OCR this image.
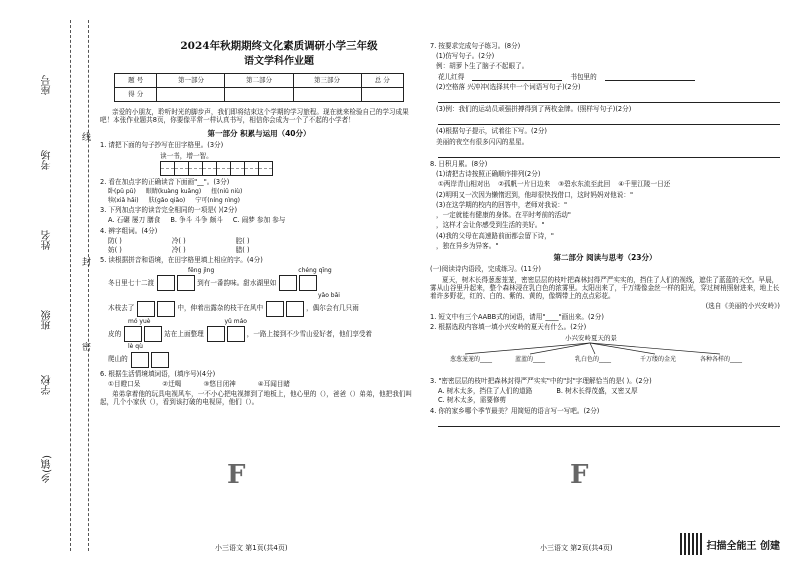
座号
考场
姓名
班级
学校
乡(镇)
线
封
密
2024年秋期期终文化素质调研小学三年级
语文学科作业题
题 号	第一部分	第二部分	第三部分	总 分
得 分				
亲爱的小朋友，聆听时光的脚步声，我们即将结束这个学期的学习旅程。现在就来检验自己的学习成果吧！本张作业题共8页，你要像平常一样认真书写，相信你会成为一个了不起的小学者！
第一部分 积累与运用（40分）
1. 请把下面的句子抄写在田字格里。(3分)
读一书，增一智。
2. 看在加点字的正确读音下面画"__"。(3分)
卧(pū pū) 眼睛(kuàng kuāng) 扭(niǔ niù)
犊(xiǎ hǎi) 肤(gǎo qiǎo) 宁可(níng nìng)
3. 下列加点字的读音完全相同的一项是( )(2分)
A. 石碾 屡刀 膳食 B. 争斗 斗争 颇斗 C. 闹梦 参加 参与
4. 辨字组词。(4分)
防( )	冷( )	腔( )
妨( )	冷( )	腊( )
5. 读根据拼音和语境，在田字格里填上相应的字。(4分)
fēng jìng	chéng qīng
冬日里七十二渡	到有一番韵味。甜水湖里如
yǎo bǎi
木枝去了	中，伸着出露杂的枝干在风中	，偶尔会有几只雨
mó yuè	yǔ máo
皮的	站在上面整理	，一路上接到不少雪山爱好者，他们享受着
lè qù
爬山的
6. 根据生活情境填词语，(填序号)(4分)
①目瞪口呆	②迁喝	③悠目闭神	④耳闻目睹
弟弟拿着他的玩具电视风车，一不小心把电视摔到了地板上，他心里的（），爸爸（）弟弟，他把我们叫起，几个小家伙（），看到该打破的电视屏，他们（）。
小三语文 第1页(共4页)
F
7. 按要求完成句子练习。(8分)
(1)仿写句子。(2分)
例：胡萝卜生了脑子不起眼了。
花儿红得	书包里的
(2)空格落 兴冲冲(选择其中一个词语写句子)(2分)
(3)例：我们的运动员顽强拼搏得到了两枚金牌。(照样写句子)(2分)
(4)根据句子提示，试着往下写。(2分)
美丽的夜空有很多闪闪的星星。
8. 日积月累。(8分)
(1)请把古诗按照正确顺序排列(2分)
①两岸青山相对出 ②孤帆一片日边来 ③碧水东流至此回 ④千里江陵一日还
(2)明明又一次因为懒惰迟到，他却很快找借口，这时妈妈对他说："
(3)在这学期的校内的回答中，老师对我说："
，一定就能有健康的身体。在平时考前的活动"
，这样才会让你感受到生活的美好。"
(4)我的父母在高速路前面都会留下诗，"
，独在异乡为异客。"
第二部分 阅读与思考（23分）
(一)阅读诗内语段，完成练习。(11分)
夏天，树木长得葱葱茏茏，密密层层的枝叶把森林封得严严实实的，挡住了人们的视线，遮住了蓝蓝的天空。早晨，雾从山谷里升起来，整个森林浸在乳白色的浓雾里。太阳出来了，千万缕像金丝一样的阳光，穿过树梢照射进来，地上长着许多野花，红的、白的、紫的、黄的，像绸带上的点点彩花。
(选自《美丽的小兴安岭》)
1. 短文中有三个AABB式的词语，请用"____"画出来。(2分)
2. 根据选段内容填一填小兴安岭的夏天有什么。(2分)
小兴安岭夏天的景
葱葱茏茏的____	蓝蓝的____	乳白色的____	千万缕的金光	各种各样的____
3. "密密层层的枝叶把森林封得严严实实"中的"封"字理解恰当的是( )。(2分)
A. 树木太多，挡住了人们的道路	B. 树木长得茂盛，又密又厚
C. 树木太多，需要修剪
4. 你的家乡哪个季节最美？用简短的语言写一写吧。(2分)
小三语文 第2页(共4页)
F
扫描全能王 创建
